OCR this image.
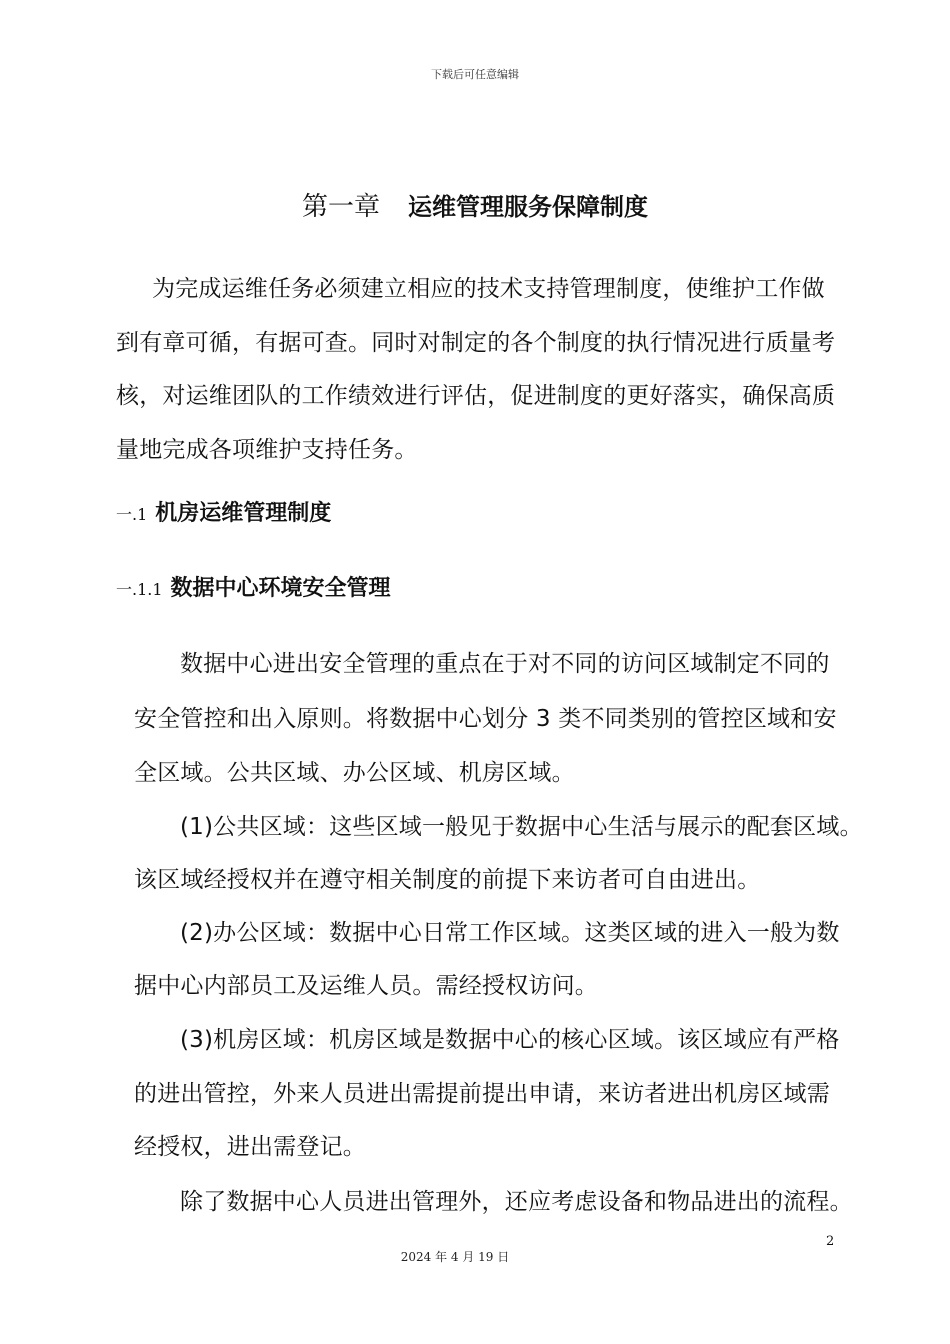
下载后可任意编辑
第一章 运维管理服务保障制度
为完成运维任务必须建立相应的技术支持管理制度，使维护工作做
到有章可循，有据可查。同时对制定的各个制度的执行情况进行质量考
核，对运维团队的工作绩效进行评估，促进制度的更好落实，确保高质
量地完成各项维护支持任务。
一.1 机房运维管理制度
一.1.1 数据中心环境安全管理
数据中心进出安全管理的重点在于对不同的访问区域制定不同的
安全管控和出入原则。将数据中心划分 3 类不同类别的管控区域和安
全区域。公共区域、办公区域、机房区域。
(1)公共区域：这些区域一般见于数据中心生活与展示的配套区域。
该区域经授权并在遵守相关制度的前提下来访者可自由进出。
(2)办公区域：数据中心日常工作区域。这类区域的进入一般为数
据中心内部员工及运维人员。需经授权访问。
(3)机房区域：机房区域是数据中心的核心区域。该区域应有严格
的进出管控，外来人员进出需提前提出申请，来访者进出机房区域需
经授权，进出需登记。
除了数据中心人员进出管理外，还应考虑设备和物品进出的流程。
2
2024 年 4 月 19 日
